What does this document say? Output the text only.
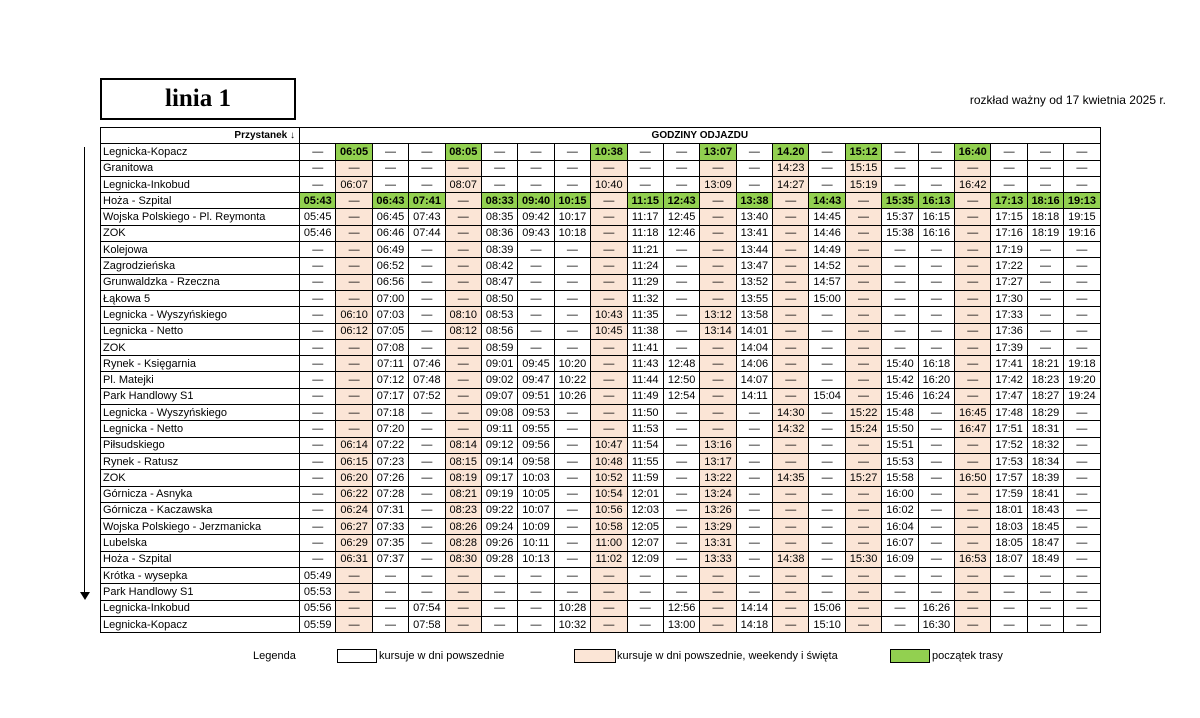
linia 1	rozkład ważny od 17 kwietnia 2025 r.
Przystanek ↓	GODZINY ODJAZDU																					
Legnicka-Kopacz	—	06:05	—	—	08:05	—	—	—	10:38	—	—	13:07	—	14.20	—	15:12	—	—	16:40	—	—	—
Granitowa	—	—	—	—	—	—	—	—	—	—	—	—	—	14:23	—	15:15	—	—	—	—	—	—
Legnicka-Inkobud	—	06:07	—	—	08:07	—	—	—	10:40	—	—	13:09	—	14:27	—	15:19	—	—	16:42	—	—	—
Hoża - Szpital	05:43	—	06:43	07:41	—	08:33	09:40	10:15	—	11:15	12:43	—	13:38	—	14:43	—	15:35	16:13	—	17:13	18:16	19:13
Wojska Polskiego - Pl. Reymonta	05:45	—	06:45	07:43	—	08:35	09:42	10:17	—	11:17	12:45	—	13:40	—	14:45	—	15:37	16:15	—	17:15	18:18	19:15
ZOK	05:46	—	06:46	07:44	—	08:36	09:43	10:18	—	11:18	12:46	—	13:41	—	14:46	—	15:38	16:16	—	17:16	18:19	19:16
Kolejowa	—	—	06:49	—	—	08:39	—	—	—	11:21	—	—	13:44	—	14:49	—	—	—	—	17:19	—	—
Zagrodzieńska	—	—	06:52	—	—	08:42	—	—	—	11:24	—	—	13:47	—	14:52	—	—	—	—	17:22	—	—
Grunwaldzka - Rzeczna	—	—	06:56	—	—	08:47	—	—	—	11:29	—	—	13:52	—	14:57	—	—	—	—	17:27	—	—
Łąkowa 5	—	—	07:00	—	—	08:50	—	—	—	11:32	—	—	13:55	—	15:00	—	—	—	—	17:30	—	—
Legnicka - Wyszyńskiego	—	06:10	07:03	—	08:10	08:53	—	—	10:43	11:35	—	13:12	13:58	—	—	—	—	—	—	17:33	—	—
Legnicka - Netto	—	06:12	07:05	—	08:12	08:56	—	—	10:45	11:38	—	13:14	14:01	—	—	—	—	—	—	17:36	—	—
ZOK	—	—	07:08	—	—	08:59	—	—	—	11:41	—	—	14:04	—	—	—	—	—	—	17:39	—	—
Rynek - Księgarnia	—	—	07:11	07:46	—	09:01	09:45	10:20	—	11:43	12:48	—	14:06	—	—	—	15:40	16:18	—	17:41	18:21	19:18
Pl. Matejki	—	—	07:12	07:48	—	09:02	09:47	10:22	—	11:44	12:50	—	14:07	—	—	—	15:42	16:20	—	17:42	18:23	19:20
Park Handlowy S1	—	—	07:17	07:52	—	09:07	09:51	10:26	—	11:49	12:54	—	14:11	—	15:04	—	15:46	16:24	—	17:47	18:27	19:24
Legnicka - Wyszyńskiego	—	—	07:18	—	—	09:08	09:53	—	—	11:50	—	—	—	14:30	—	15:22	15:48	—	16:45	17:48	18:29	—
Legnicka - Netto	—	—	07:20	—	—	09:11	09:55	—	—	11:53	—	—	—	14:32	—	15:24	15:50	—	16:47	17:51	18:31	—
Piłsudskiego	—	06:14	07:22	—	08:14	09:12	09:56	—	10:47	11:54	—	13:16	—	—	—	—	15:51	—	—	17:52	18:32	—
Rynek - Ratusz	—	06:15	07:23	—	08:15	09:14	09:58	—	10:48	11:55	—	13:17	—	—	—	—	15:53	—	—	17:53	18:34	—
ZOK	—	06:20	07:26	—	08:19	09:17	10:03	—	10:52	11:59	—	13:22	—	14:35	—	15:27	15:58	—	16:50	17:57	18:39	—
Górnicza - Asnyka	—	06:22	07:28	—	08:21	09:19	10:05	—	10:54	12:01	—	13:24	—	—	—	—	16:00	—	—	17:59	18:41	—
Górnicza - Kaczawska	—	06:24	07:31	—	08:23	09:22	10:07	—	10:56	12:03	—	13:26	—	—	—	—	16:02	—	—	18:01	18:43	—
Wojska Polskiego - Jerzmanicka	—	06:27	07:33	—	08:26	09:24	10:09	—	10:58	12:05	—	13:29	—	—	—	—	16:04	—	—	18:03	18:45	—
Lubelska	—	06:29	07:35	—	08:28	09:26	10:11	—	11:00	12:07	—	13:31	—	—	—	—	16:07	—	—	18:05	18:47	—
Hoża - Szpital	—	06:31	07:37	—	08:30	09:28	10:13	—	11:02	12:09	—	13:33	—	14:38	—	15:30	16:09	—	16:53	18:07	18:49	—
Krótka - wysepka	05:49	—	—	—	—	—	—	—	—	—	—	—	—	—	—	—	—	—	—	—	—	—
Park Handlowy S1	05:53	—	—	—	—	—	—	—	—	—	—	—	—	—	—	—	—	—	—	—	—	—
Legnicka-Inkobud	05:56	—	—	07:54	—	—	—	10:28	—	—	12:56	—	14:14	—	15:06	—	—	16:26	—	—	—	—
Legnicka-Kopacz	05:59	—	—	07:58	—	—	—	10:32	—	—	13:00	—	14:18	—	15:10	—	—	16:30	—	—	—	—
Legenda	kursuje w dni powszednie	kursuje w dni powszednie, weekendy i święta	początek trasy
